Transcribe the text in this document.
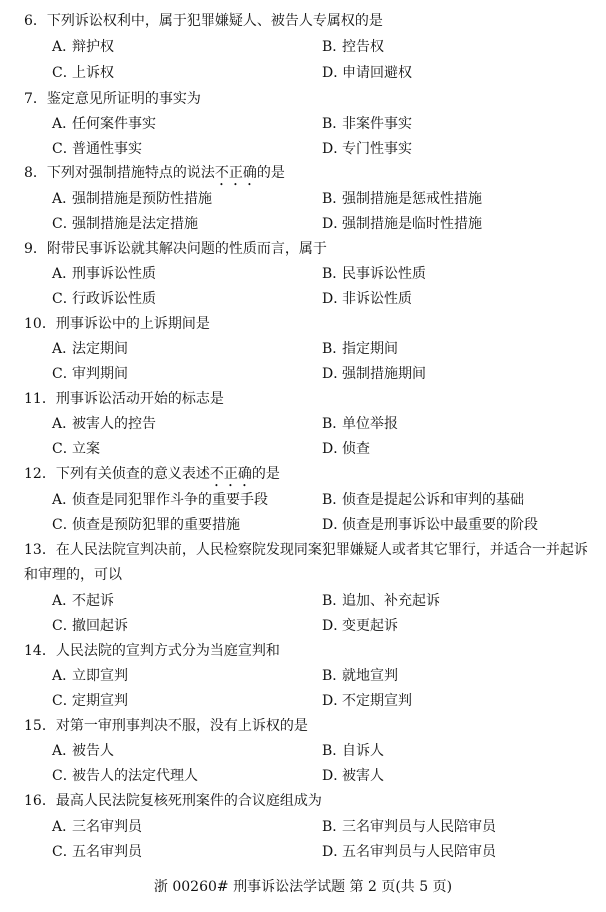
6．下列诉讼权利中，属于犯罪嫌疑人、被告人专属权的是
A．辩护权	B．控告权
C．上诉权	D．申请回避权
7．鉴定意见所证明的事实为
A．任何案件事实	B．非案件事实
C．普通性事实	D．专门性事实
8．下列对强制措施特点的说法不正确的是
A．强制措施是预防性措施	B．强制措施是惩戒性措施
C．强制措施是法定措施	D．强制措施是临时性措施
9．附带民事诉讼就其解决问题的性质而言，属于
A．刑事诉讼性质	B．民事诉讼性质
C．行政诉讼性质	D．非诉讼性质
10．刑事诉讼中的上诉期间是
A．法定期间	B．指定期间
C．审判期间	D．强制措施期间
11．刑事诉讼活动开始的标志是
A．被害人的控告	B．单位举报
C．立案	D．侦查
12．下列有关侦查的意义表述不正确的是
A．侦查是同犯罪作斗争的重要手段	B．侦查是提起公诉和审判的基础
C．侦查是预防犯罪的重要措施	D．侦查是刑事诉讼中最重要的阶段
13．在人民法院宣判决前，人民检察院发现同案犯罪嫌疑人或者其它罪行，并适合一并起诉和审理的，可以
A．不起诉	B．追加、补充起诉
C．撤回起诉	D．变更起诉
14．人民法院的宣判方式分为当庭宣判和
A．立即宣判	B．就地宣判
C．定期宣判	D．不定期宣判
15．对第一审刑事判决不服，没有上诉权的是
A．被告人	B．自诉人
C．被告人的法定代理人	D．被害人
16．最高人民法院复核死刑案件的合议庭组成为
A．三名审判员	B．三名审判员与人民陪审员
C．五名审判员	D．五名审判员与人民陪审员
浙 00260# 刑事诉讼法学试题 第 2 页(共 5 页)
